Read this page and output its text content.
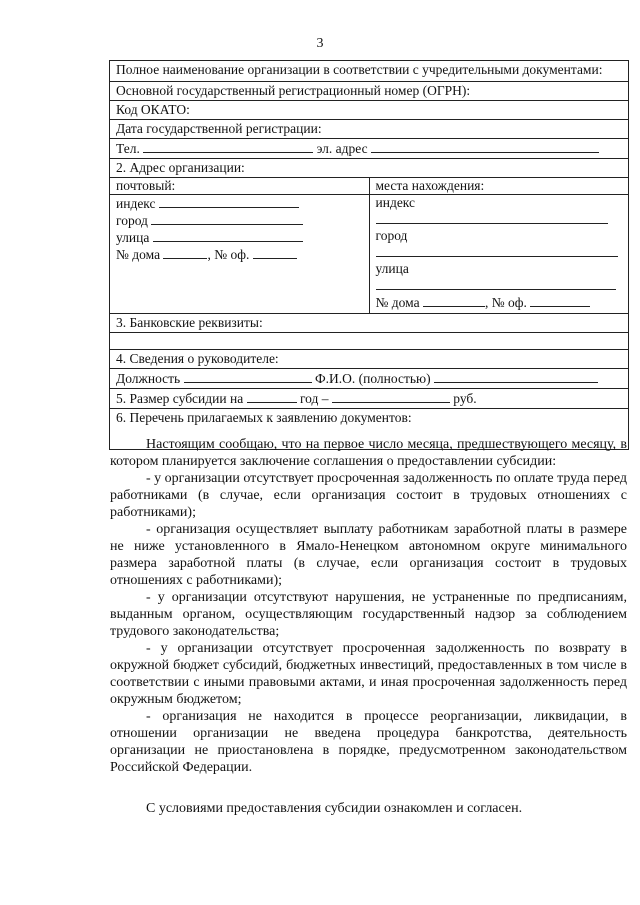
3
Полное наименование организации в соответствии с учредительными документами:
Основной государственный регистрационный номер (ОГРН):
Код ОКАТО:
Дата государственной регистрации:
Тел.	эл. адрес
2. Адрес организации:
почтовый:
индекс
город
улица
№ дома	, № оф.
места нахождения:
индекс
город
улица
№ дома	, № оф.
3. Банковские реквизиты:
4. Сведения о руководителе:
Должность	Ф.И.О. (полностью)
5. Размер субсидии на	год –	руб.
6. Перечень прилагаемых к заявлению документов:

Настоящим сообщаю, что на первое число месяца, предшествующего месяцу, в котором планируется заключение соглашения о предоставлении субсидии:

- у организации отсутствует просроченная задолженность по оплате труда перед работниками (в случае, если организация состоит в трудовых отношениях с работниками);

- организация осуществляет выплату работникам заработной платы в размере не ниже установленного в Ямало-Ненецком автономном округе минимального размера заработной платы (в случае, если организация состоит в трудовых отношениях с работниками);

- у организации отсутствуют нарушения, не устраненные по предписаниям, выданным органом, осуществляющим государственный надзор за соблюдением трудового законодательства;

- у организации отсутствует просроченная задолженность по возврату в окружной бюджет субсидий, бюджетных инвестиций, предоставленных в том числе в соответствии с иными правовыми актами, и иная просроченная задолженность перед окружным бюджетом;

- организация не находится в процессе реорганизации, ликвидации, в отношении организации не введена процедура банкротства, деятельность организации не приостановлена в порядке, предусмотренном законодательством Российской Федерации.

С условиями предоставления субсидии ознакомлен и согласен.
